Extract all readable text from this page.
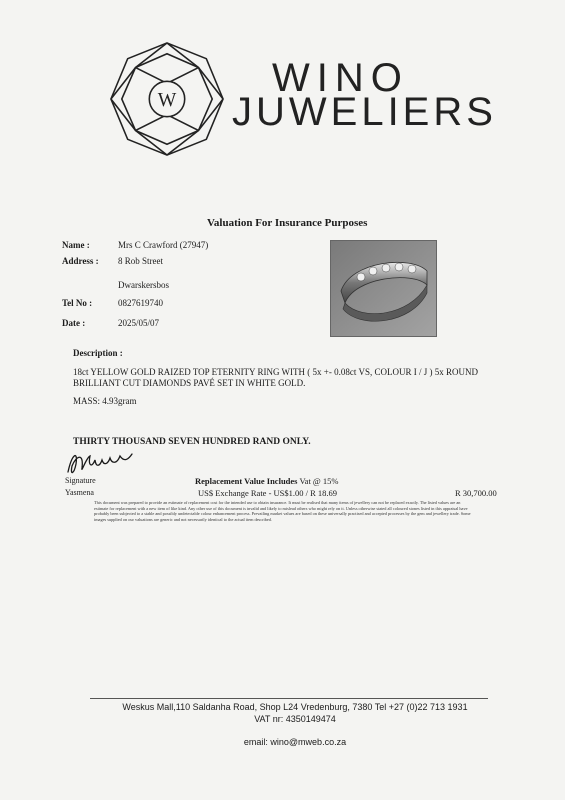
W WINO
JUWELIERS
Valuation For Insurance Purposes
Name :	Mrs C Crawford (27947)
Address : 8 Rob Street
Dwarskersbos
Tel No :	0827619740
Date :	2025/05/07
Description :
18ct YELLOW GOLD RAIZED TOP ETERNITY RING WITH ( 5x +- 0.08ct VS, COLOUR I / J ) 5x ROUND BRILLIANT CUT DIAMONDS PAVÉ SET IN WHITE GOLD.
MASS: 4.93gram
THIRTY THOUSAND SEVEN HUNDRED RAND ONLY.
Signature
Yasmena
Replacement Value Includes Vat @ 15%
US$ Exchange Rate - US$1.00 / R 18.69	R 30,700.00
This document was prepared to provide an estimate of replacement cost for the intended use to obtain insurance. It must be realised that many items of jewellery can not be replaced exactly. The listed values are an estimate for replacement with a new item of like kind. Any other use of this document is invalid and likely to mislead others who might rely on it. Unless otherwise stated all coloured stones listed in this appraisal have probably been subjected to a stable and possibly undetectable colour enhancement process. Prevailing market values are based on these universally practised and accepted processes by the gem and jewellery trade. Some images supplied on our valuations are generic and not necessarily identical to the actual item described.
Weskus Mall,110 Saldanha Road, Shop L24 Vredenburg, 7380 Tel +27 (0)22 713 1931
VAT nr: 4350149474
email: wino@mweb.co.za
